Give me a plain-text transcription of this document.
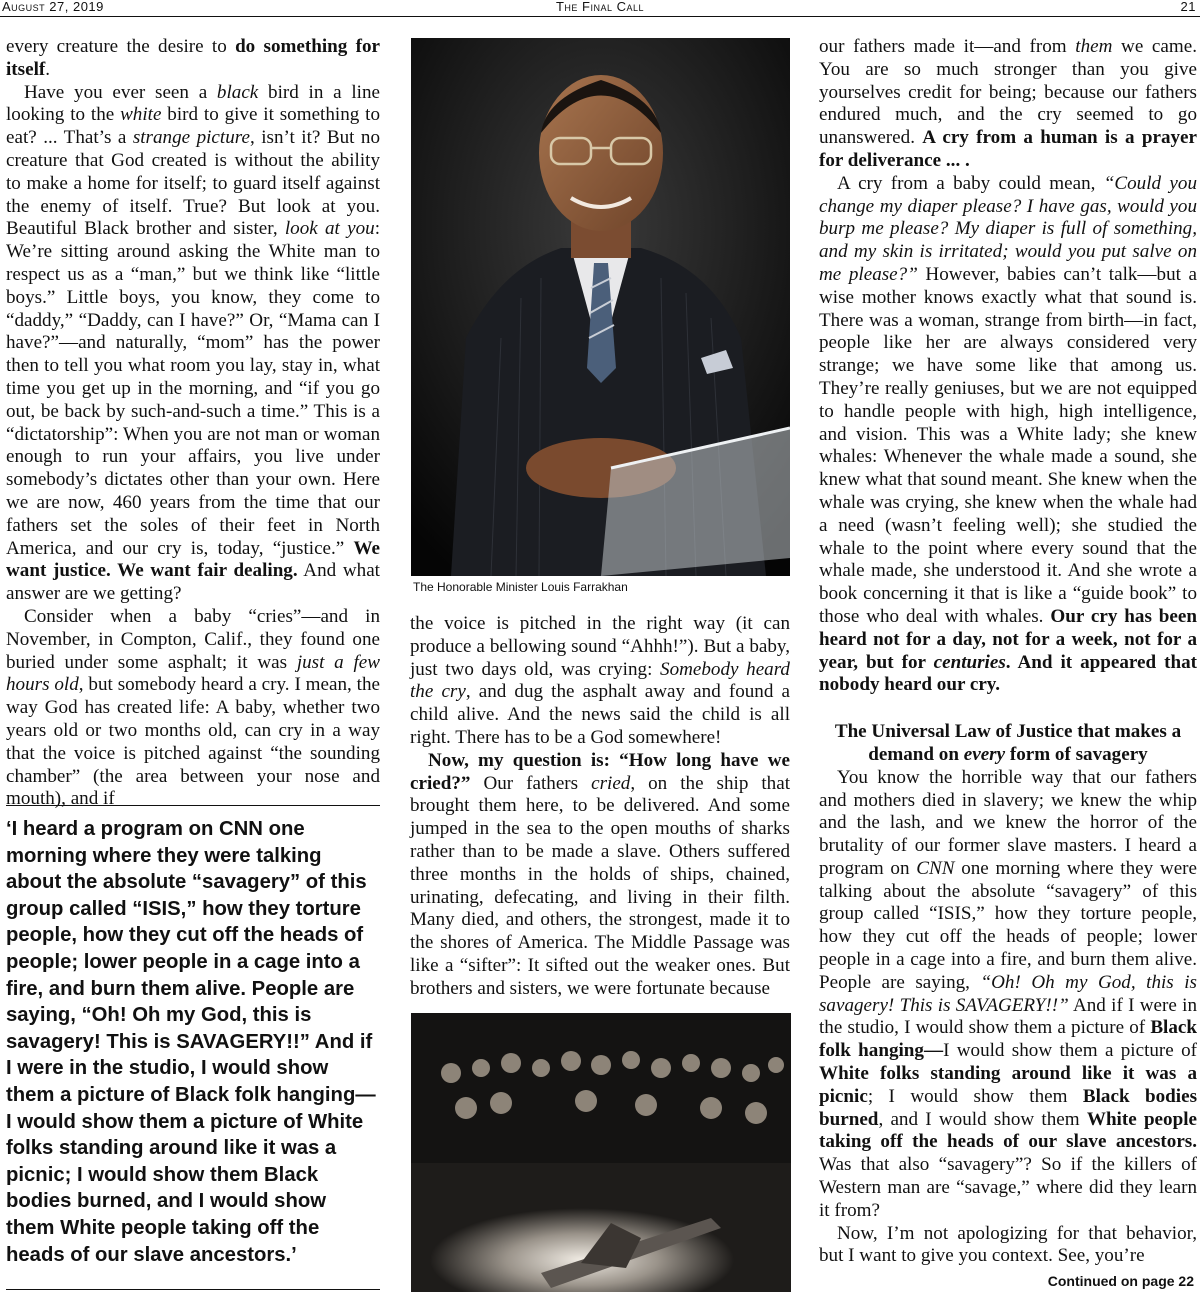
August 27, 2019	The Final Call	21

every creature the desire to do something for itself.

Have you ever seen a black bird in a line looking to the white bird to give it something to eat? ... That’s a strange picture, isn’t it? But no creature that God created is without the ability to make a home for itself; to guard itself against the enemy of itself. True? But look at you. Beautiful Black brother and sister, look at you: We’re sitting around asking the White man to respect us as a “man,” but we think like “little boys.” Little boys, you know, they come to “daddy,” “Daddy, can I have?” Or, “Mama can I have?”—and naturally, “mom” has the power then to tell you what room you lay, stay in, what time you get up in the morning, and “if you go out, be back by such-and-such a time.” This is a “dictatorship”: When you are not man or woman enough to run your affairs, you live under somebody’s dictates other than your own. Here we are now, 460 years from the time that our fathers set the soles of their feet in North America, and our cry is, today, “justice.” We want justice. We want fair dealing. And what answer are we getting?

Consider when a baby “cries”—and in November, in Compton, Calif., they found one buried under some asphalt; it was just a few hours old, but somebody heard a cry. I mean, the way God has created life: A baby, whether two years old or two months old, can cry in a way that the voice is pitched against “the sounding chamber” (the area between your nose and mouth), and if

‘I heard a program on CNN one morning where they were talking about the absolute “savagery” of this group called “ISIS,” how they torture people, how they cut off the heads of people; lower people in a cage into a fire, and burn them alive. People are saying, “Oh! Oh my God, this is savagery! This is SAVAGERY!!” And if I were in the studio, I would show them a picture of Black folk hanging—I would show them a picture of White folks standing around like it was a picnic; I would show them Black bodies burned, and I would show them White people taking off the heads of our slave ancestors.’
The Honorable Minister Louis Farrakhan

the voice is pitched in the right way (it can produce a bellowing sound “Ahhh!”). But a baby, just two days old, was crying: Somebody heard the cry, and dug the asphalt away and found a child alive. And the news said the child is all right. There has to be a God somewhere!

Now, my question is: “How long have we cried?” Our fathers cried, on the ship that brought them here, to be delivered. And some jumped in the sea to the open mouths of sharks rather than to be made a slave. Others suffered three months in the holds of ships, chained, urinating, defecating, and living in their filth. Many died, and others, the strongest, made it to the shores of America. The Middle Passage was like a “sifter”: It sifted out the weaker ones. But brothers and sisters, we were fortunate because

our fathers made it—and from them we came. You are so much stronger than you give yourselves credit for being; because our fathers endured much, and the cry seemed to go unanswered. A cry from a human is a prayer for deliverance ... .

A cry from a baby could mean, “Could you change my diaper please? I have gas, would you burp me please? My diaper is full of something, and my skin is irritated; would you put salve on me please?” However, babies can’t talk—but a wise mother knows exactly what that sound is. There was a woman, strange from birth—in fact, people like her are always considered very strange; we have some like that among us. They’re really geniuses, but we are not equipped to handle people with high, high intelligence, and vision. This was a White lady; she knew whales: Whenever the whale made a sound, she knew what that sound meant. She knew when the whale was crying, she knew when the whale had a need (wasn’t feeling well); she studied the whale to the point where every sound that the whale made, she understood it. And she wrote a book concerning it that is like a “guide book” to those who deal with whales. Our cry has been heard not for a day, not for a week, not for a year, but for centuries. And it appeared that nobody heard our cry.

The Universal Law of Justice that makes a demand on every form of savagery

You know the horrible way that our fathers and mothers died in slavery; we knew the whip and the lash, and we knew the horror of the brutality of our former slave masters. I heard a program on CNN one morning where they were talking about the absolute “savagery” of this group called “ISIS,” how they torture people, how they cut off the heads of people; lower people in a cage into a fire, and burn them alive. People are saying, “Oh! Oh my God, this is savagery! This is SAVAGERY!!” And if I were in the studio, I would show them a picture of Black folk hanging—I would show them a picture of White folks standing around like it was a picnic; I would show them Black bodies burned, and I would show them White people taking off the heads of our slave ancestors. Was that also “savagery”? So if the killers of Western man are “savage,” where did they learn it from?

Now, I’m not apologizing for that behavior, but I want to give you context. See, you’re

Continued on page 22
